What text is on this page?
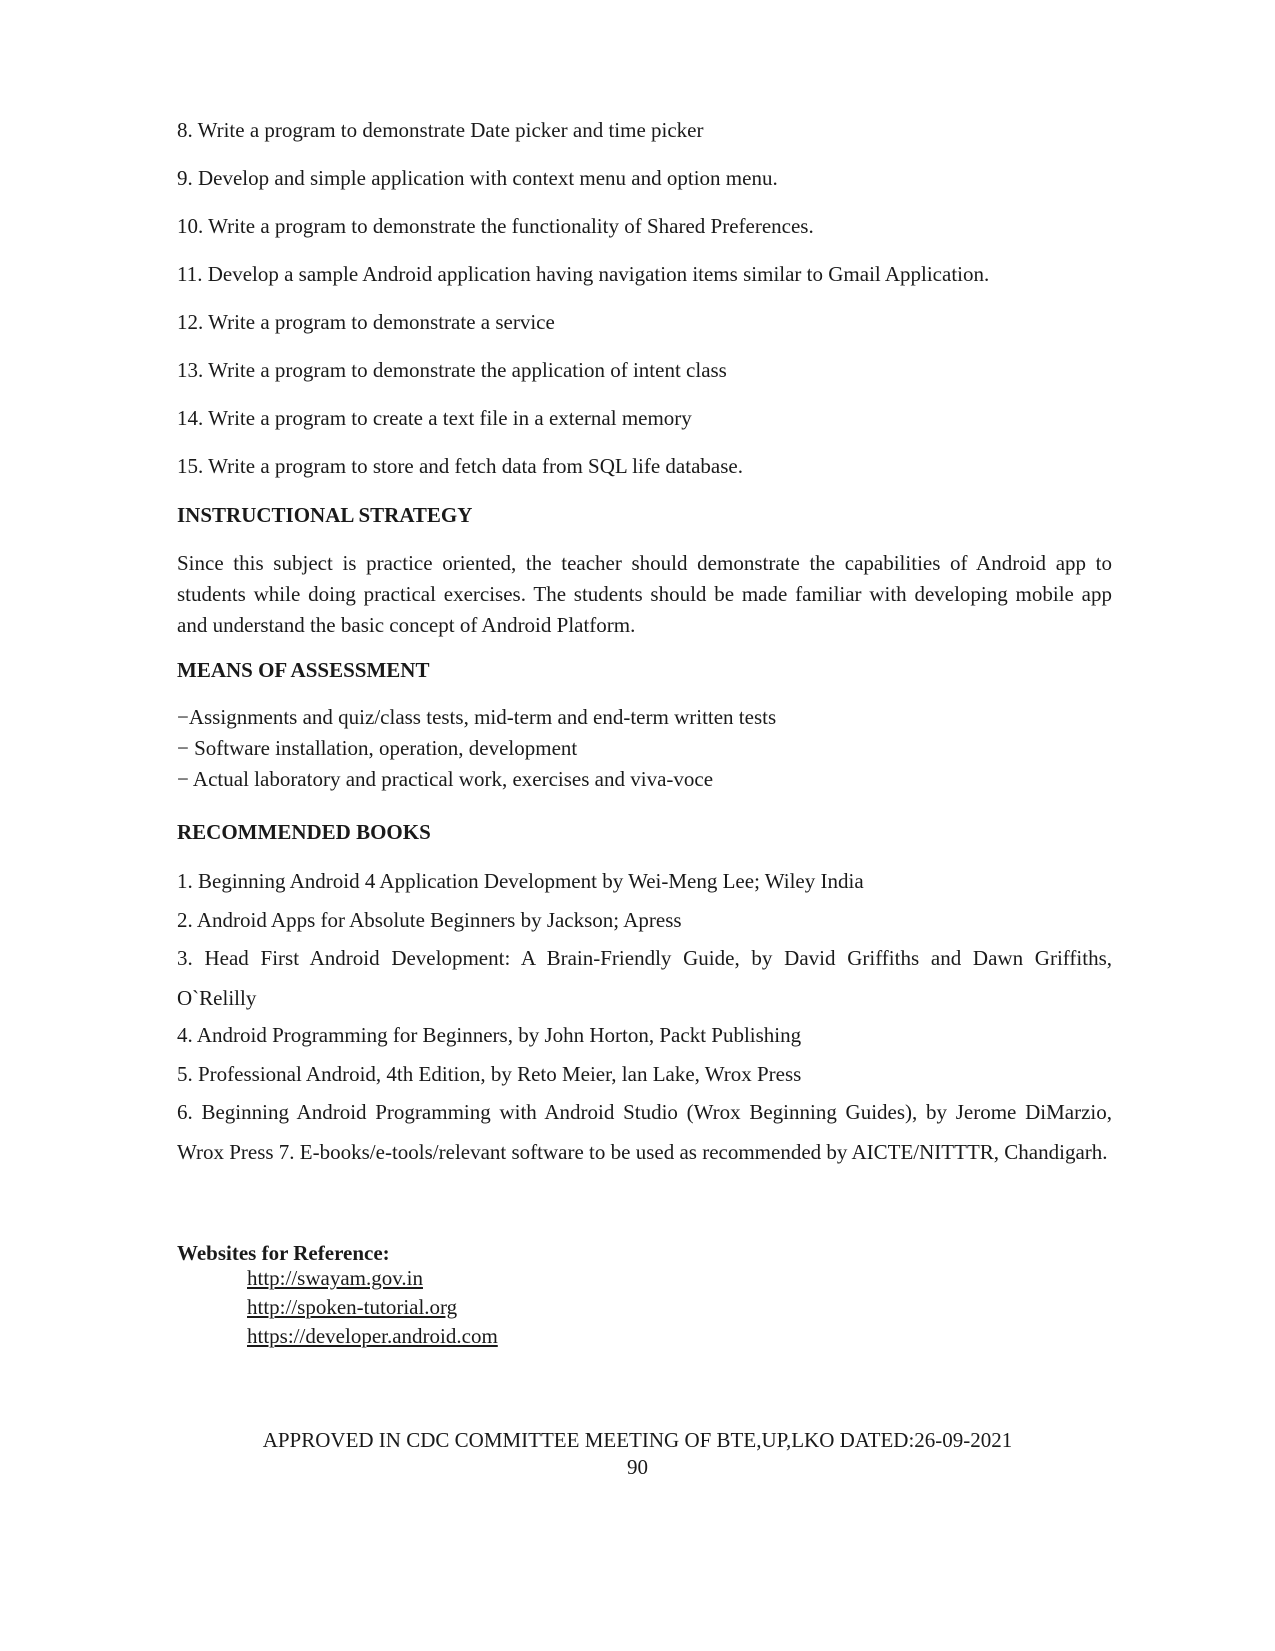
8. Write a program to demonstrate Date picker and time picker
9. Develop and simple application with context menu and option menu.
10. Write a program to demonstrate the functionality of Shared Preferences.
11. Develop a sample Android application having navigation items similar to Gmail Application.
12. Write a program to demonstrate a service
13. Write a program to demonstrate the application of intent class
14. Write a program to create a text file in a external memory
15. Write a program to store and fetch data from SQL life database.
INSTRUCTIONAL STRATEGY
Since this subject is practice oriented, the teacher should demonstrate the capabilities of Android app to students while doing practical exercises. The students should be made familiar with developing mobile app and understand the basic concept of Android Platform.
MEANS OF ASSESSMENT
−Assignments and quiz/class tests, mid-term and end-term written tests
− Software installation, operation, development
− Actual laboratory and practical work, exercises and viva-voce
RECOMMENDED BOOKS
1. Beginning Android 4 Application Development by Wei-Meng Lee; Wiley India
2. Android Apps for Absolute Beginners by Jackson; Apress
3. Head First Android Development: A Brain-Friendly Guide, by David Griffiths and Dawn Griffiths, O`Relilly
4. Android Programming for Beginners, by John Horton, Packt Publishing
5. Professional Android, 4th Edition, by Reto Meier, lan Lake, Wrox Press
6. Beginning Android Programming with Android Studio (Wrox Beginning Guides), by Jerome DiMarzio, Wrox Press 7. E-books/e-tools/relevant software to be used as recommended by AICTE/NITTTR, Chandigarh.
Websites for Reference:
http://swayam.gov.in
http://spoken-tutorial.org
https://developer.android.com
APPROVED IN CDC COMMITTEE MEETING OF BTE,UP,LKO DATED:26-09-2021
90
